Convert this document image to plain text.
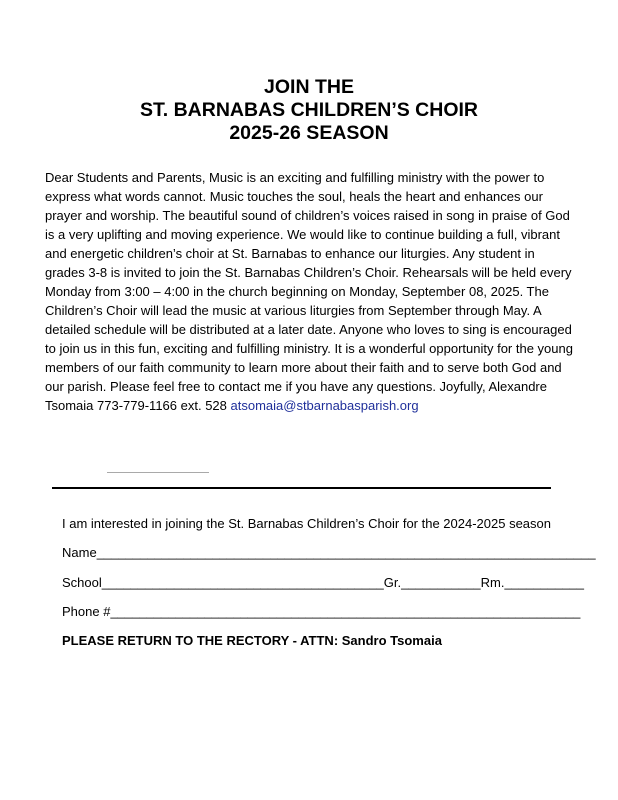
JOIN THE
ST. BARNABAS CHILDREN’S CHOIR
2025-26 SEASON
Dear Students and Parents, Music is an exciting and fulfilling ministry with the power to
express what words cannot. Music touches the soul, heals the heart and enhances our
prayer and worship. The beautiful sound of children’s voices raised in song in praise of God
is a very uplifting and moving experience. We would like to continue building a full, vibrant
and energetic children’s choir at St. Barnabas to enhance our liturgies. Any student in
grades 3-8 is invited to join the St. Barnabas Children’s Choir. Rehearsals will be held every
Monday from 3:00 – 4:00 in the church beginning on Monday, September 08, 2025. The
Children’s Choir will lead the music at various liturgies from September through May. A
detailed schedule will be distributed at a later date. Anyone who loves to sing is encouraged
to join us in this fun, exciting and fulfilling ministry. It is a wonderful opportunity for the young
members of our faith community to learn more about their faith and to serve both God and
our parish. Please feel free to contact me if you have any questions. Joyfully, Alexandre
Tsomaia 773-779-1166 ext. 528 atsomaia@stbarnabasparish.org
I am interested in joining the St. Barnabas Children’s Choir for the 2024-2025 season
Name_____________________________________________________________________
School_______________________________________Gr.___________Rm.___________
Phone #_________________________________________________________________
PLEASE RETURN TO THE RECTORY - ATTN: Sandro Tsomaia
